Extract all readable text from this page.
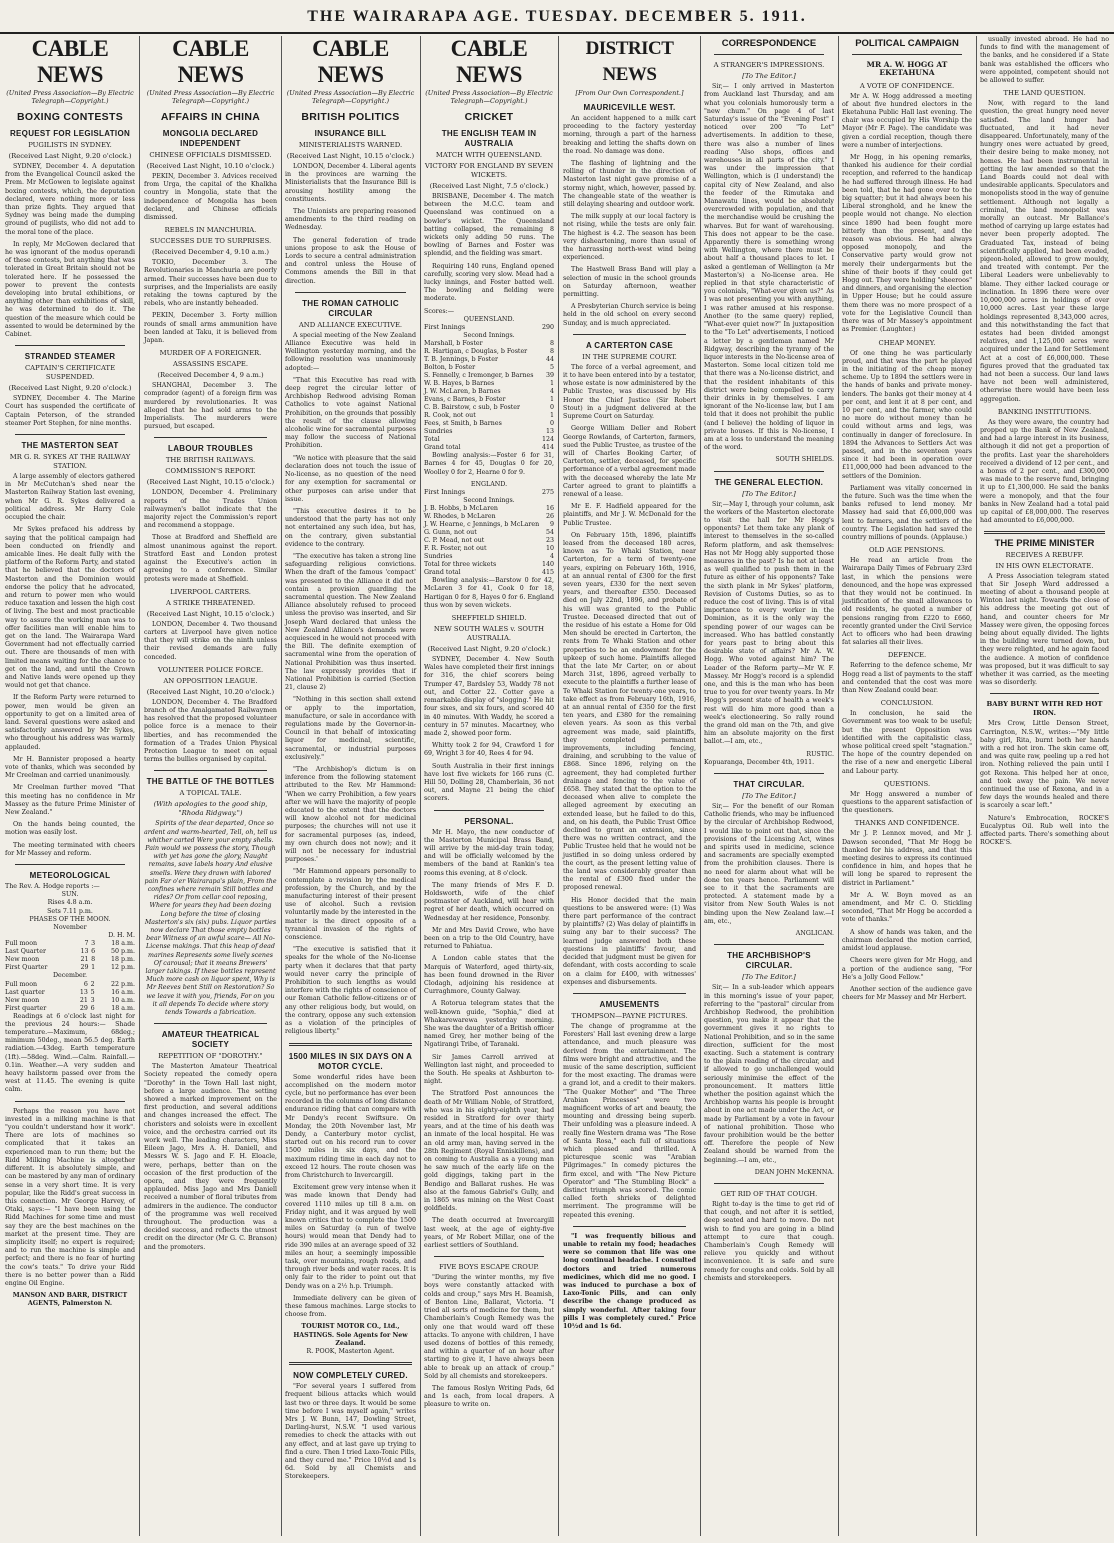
THE WAIRARAPA AGE. TUESDAY. DECEMBER 5. 1911.
CABLE NEWS
(United Press Association—By Electric Telegraph—Copyright.)
BOXING CONTESTS
REQUEST FOR LEGISLATION
PUGILISTS IN SYDNEY.
(Received Last Night, 9.20 o'clock.)

SYDNEY, December 4. A deputation from the Evangelical Council asked the Prem. Mr McGowen to legislate against boxing contests, which, the deputation declared, were nothing more or less than prize fights. They argued that Sydney was being made the dumping ground of pugilists, who did not add to the moral tone of the place.

In reply, Mr McGowen declared that he was ignorant of the modus operandi of these contests, but anything that was tolerated in Great Britain should not be tolerated here. If he possessed the power to prevent the contests developing into brutal exhibitions, or anything other than exhibitions of skill, he was determined to do it. The question of the measure which could be assented to would be determined by the Cabinet.

STRANDED STEAMER
CAPTAIN'S CERTIFICATE SUSPENDED.
(Received Last Night, 9.20 o'clock.)

SYDNEY, December 4. The Marine Court has suspended the certificate of Captain Peterson, of the stranded steamer Port Stephen, for nine months.

THE MASTERTON SEAT
MR G. R. SYKES AT THE RAILWAY STATION.

A large assembly of electors gathered in Mr McCutchan's shed near the Masterton Railway Station last evening, when Mr G. R. Sykes delivered a political address. Mr Harry Cole occupied the chair.

Mr Sykes prefaced his address by saying that the political campaign had been conducted on friendly and amicable lines. He dealt fully with the platform of the Reform Party, and stated that he believed that the doctors of Masterton and the Dominion would endorse the policy that he advocated, and return to power men who would reduce taxation and lessen the high cost of living. The best and most practicable way to assure the working man was to offer facilities man will enable him to get on the land. The Wairarapa Ward Government had not effectually carried out. There are thousands of men with limited means waiting for the chance to get on the land, and until the Crown and Native lands were opened up they would not get that chance.

If the Reform Party were returned to power, men would be given an opportunity to get on a limited area of land. Several questions were asked and satisfactorily answered by Mr Sykes, who throughout his address was warmly applauded.

Mr H. Bannister proposed a hearty vote of thanks, which was seconded by Mr Creelman and carried unanimously.

Mr Creelman further moved "That this meeting has no confidence in Mr Massey as the future Prime Minister of New Zealand."

On the hands being counted, the motion was easily lost.

The meeting terminated with cheers for Mr Massey and reform.

METEOROLOGICAL
The Rev. A. Hodge reports :—
SUN.
Rises 4.8 a.m.
Sets 7.11 p.m.
PHASES OF THE MOON.
November
D. H. M.
Full moon	7	3	18 a.m.
Last Quarter	13	6	50 p.m.
New moon	21	8	18 p.m.
First Quarter	29	1	12 p.m.
December.
Full moon	6	2	22 p.m.
Last quarter	13	5	16 a.m.
New moon	21	3	10 a.m.
First quarter	29	6	18 a.m.

Readings at 6 o'clock last night for the previous 24 hours:— Shade temperature.—Maximum, 68deg.; minimum 50deg., mean 56.5 deg. Earth radiation.—43deg. Earth temperature (1ft).—58deg. Wind.—Calm. Rainfall.—0.1in. Weather.—A very sudden and heavy hailstorm passed over from the west at 11.45. The evening is quite calm.

Perhaps the reason you have not invested in a milking machine is that "you couldn't understand how it work". There are lots of machines so complicated that it takes an experienced man to run them; but the Ridd Milking Machine is altogether different. It is absolutely simple, and can be mastered by any man of ordinary sense in a very short time. It is very popular, like the Ridd's great success in this connection. Mr George Harvey, of Otaki, says:— "I have been using the Ridd Machines for some time and must say they are the best machines on the market at the present time. They are simplicity itself; no expert is required; and to run the machine is simple and perfect; and there is no fear of hurting the cow's teats." To drive your Ridd there is no better power than a Ridd engine Oil Engine.

MANSON AND BARR, DISTRICT AGENTS, Palmerston N.
CABLE NEWS
(United Press Association—By Electric Telegraph—Copyright.)
AFFAIRS IN CHINA
MONGOLIA DECLARED INDEPENDENT
CHINESE OFFICIALS DISMISSED.
(Received Last Night, 10.10 o'clock.)

PEKIN, December 3. Advices received from Urga, the capital of the Khalkha country in Mongolia, state that the independence of Mongolia has been declared, and Chinese officials dismissed.

REBELS IN MANCHURIA.
SUCCESSES DUE TO SURPRISES.
(Received December 4, 9.10 a.m.)

TOKIO, December 3. The Revolutionaries in Manchuria are poorly armed. Their successes have been due to surprises, and the Imperialists are easily retaking the towns captured by the rebels, who are instantly beheaded.

PEKIN, December 3. Forty million rounds of small arms ammunition have been landed at Taku, it is believed from Japan.

MURDER OF A FOREIGNER.
ASSASSINS ESCAPE.
(Received December 4, 9 a.m.)

SHANGHAI, December 3. The comprador (agent) of a foreign firm was murdered by revolutionaries. It was alleged that he had sold arms to the Imperialists. The murderers were pursued, but escaped.

LABOUR TROUBLES
THE BRITISH RAILWAYS.
COMMISSION'S REPORT.
(Received Last Night, 10.15 o'clock.)

LONDON, December 4. Preliminary reports of the Trades Union railwaymen's ballot indicate that the majority reject the Commission's report and recommend a stoppage.

Those at Bradford and Sheffield are almost unanimous against the report. Stratford East and London protest against the Executive's action in agreeing to a conference. Similar protests were made at Sheffield.

LIVERPOOL CARTERS.
A STRIKE THREATENED.
(Received Last Night, 10.15 o'clock.)

LONDON, December 4. Two thousand carters at Liverpool have given notice that they will strike on the ninth unless their revised demands are fully conceded.

VOLUNTEER POLICE FORCE.
AN OPPOSITION LEAGUE.
(Received Last Night, 10.20 o'clock.)

LONDON, December 4. The Bradford branch of the Amalgamated Railwaymen has resolved that the proposed volunteer police force is a menace to their liberties, and has recommended the formation of a Trades Union Physical Protection League to meet on equal terms the bullies organised by capital.

THE BATTLE OF THE BOTTLES
A TOPICAL TALE.
(With apologies to the good ship, "Rhoda Ridgway.")

Spirits of the dear departed, Once so ardent and warm-hearted, Tell, oh, tell us whither carted Were your empty shells. Pain would we possess the story, Though with yet has gone the glory, Naught remains, save labels hoary And elusive smells. Were they drawn with labored pain Far o'er Wairarapa's plain, From the confines where remain Still bottles and rides? Or from cellar cool reposing, Where for years they had been dozing Long before the time of closing Masterton's six (six) pubs. Liquor parties now declare That those empty bottles bear Witness of an awful scare— All No-License makings. That this heap of dead marines Represents some lively scenes Of carousal; that it means Brewers' larger takings. If these bottles represent Much more cash on liquor spent, Why is Mr Reeves bent Still on Restoration? So we leave it with you, friends, For on you it all depends To decide where story tends Towards a fabrication.

AMATEUR THEATRICAL SOCIETY
REPETITION OF "DOROTHY."

The Masterton Amateur Theatrical Society repeated the comedy opera "Dorothy" in the Town Hall last night, before a large audience. The setting showed a marked improvement on the first production, and several additions and changes increased the effect. The choristers and soloists were in excellent voice, and the orchestra carried out its work well. The leading characters, Miss Eileen Jago, Mrs A. H. Daniell, and Messrs W. S. Jago and F. H. Eloacle, were, perhaps, better than on the occasion of the first production of the opera, and they were frequently applauded. Miss Jago and Mrs Daniell received a number of floral tributes from admirers in the audience. The conductor of the programme was well received throughout. The production was a decided success, and reflects the utmost credit on the director (Mr G. C. Branson) and the promoters.

CABLE NEWS
(United Press Association—By Electric Telegraph—Copyright.)
BRITISH POLITICS
INSURANCE BILL
MINISTERIALISTS WARNED.
(Received Last Night, 10.15 o'clock.)

LONDON, December 4. Liberal agents in the provinces are warning the Ministerialists that the Insurance Bill is arousing hostility among the constituents.

The Unionists are preparing reasoned amendments to the third reading on Wednesday.

The general federation of trade unions propose to ask the House of Lords to secure a central administration and control unless the House of Commons amends the Bill in that direction.

THE ROMAN CATHOLIC CIRCULAR
AND ALLIANCE EXECUTIVE.

A special meeting of the New Zealand Alliance Executive was held in Wellington yesterday morning, and the following resolution was unanimously adopted:—

"That this Executive has read with deep regret the circular letter of Archbishop Redwood advising Roman Catholics to vote against National Prohibition, on the grounds that possibly the result of the clause allowing alcoholic wine for sacramental purposes may follow the success of National Prohibition.

"We notice with pleasure that the said declaration does not touch the issue of No-license, as no question of the need for any exemption for sacramental or other purposes can arise under that issue.

"This executive desires it to be understood that the party has not only not entertained any such idea, but has, on the contrary, given substantial evidence to the contrary.

"The executive has taken a strong line safeguarding religious convictions. When the draft of the famous 'compact' was presented to the Alliance it did not contain a provision guarding the sacramental question. The New Zealand Alliance absolutely refused to proceed unless the proviso was inserted, and Sir Joseph Ward declared that unless the New Zealand Alliance's demands were acquiesced in he would not proceed with the Bill. The definite exemption of sacramental wine from the operation of National Prohibition was thus inserted. The law expressly provides that if National Prohibition is carried (Section 21, clause 2)

"Nothing in this section shall extend or apply to the importation, manufacture, or sale in accordance with regulations made by the Governor-in-Council in that behalf of intoxicating liquor for medicinal, scientific, sacramental, or industrial purposes exclusively."

"The Archbishop's dictum is on inference from the following statement attributed to the Rev. Mr Hammond: 'When we carry Prohibition, a few years after we will have the majority of people educated to the extent that the doctors will know alcohol not for medicinal purposes; the churches will not use it for sacramental purposes (as, indeed, my own church does not now); and it will not be necessary for industrial purposes.'

"Mr Hammond appears personally to contemplate a revision by the medical profession, by the Church, and by the manufacturing interest of their present use of alcohol. Such a revision voluntarily made by the interested in the matter is the direct opposite of a tyrannical invasion of the rights of conscience.

"The executive is satisfied that it speaks for the whole of the No-license party when it declares that that party would never carry the principle of Prohibition to such lengths as would interfere with the rights of conscience of our Roman Catholic fellow-citizens or of any other religious body, but would, on the contrary, oppose any such extension as a violation of the principles of religious liberty."

1500 MILES IN SIX DAYS ON A MOTOR CYCLE.

Some wonderful rides have been accomplished on the modern motor cycle, but no performance has ever been recorded in the columns of long distance endurance riding that can compare with Mr Dendy's recent Swiftsure. On Monday, the 20th November last, Mr Dendy, a Canterbury motor cyclist, started out on his record run to cover 1500 miles in six days, and the maximum riding time in each day not to exceed 12 hours. The route chosen was from Christchurch to Invercargill.

Excitement grew very intense when it was made known that Dendy had covered 1110 miles up till 8 a.m. on Friday night, and it was argued by well known critics that to complete the 1500 miles on Saturday (a run of twelve hours) would mean that Dendy had to ride 390 miles at an average speed of 32 miles an hour, a seemingly impossible task, over mountains, rough roads, and through river beds and water races. It is only fair to the rider to point out that Dendy was on a 2½ h.p. Triumph.

Immediate delivery can be given of these famous machines. Large stocks to choose from.

TOURIST MOTOR CO., Ltd., HASTINGS. Sole Agents for New Zealand.
R. POOK, Masterton Agent.
NOW COMPLETELY CURED.

"For several years I suffered from frequent bilious attacks which would last two or three days. It would be some time before I was myself again," writes Mrs J. W. Bunn, 147, Dowling Street, Darling-hurst, N.S.W. "I used various remedies to check the attacks with out any effect, and at last gave up trying to find a cure. Then I tried Laxo-Tonic Pills, and they cured me." Price 10½d and 1s 6d. Sold by all Chemists and Storekeepers.

CABLE NEWS
(United Press Association—By Electric Telegraph—Copyright.)
CRICKET
THE ENGLISH TEAM IN AUSTRALIA
MATCH WITH QUEENSLAND.
VICTORY FOR ENGLAND BY SEVEN WICKETS.
(Received Last Night, 7.5 o'clock.)

BRISBANE, December 4. The match between the M.C.C. team and Queensland was continued on a bowler's wicket. The Queensland batting collapsed, the remaining 8 wickets only adding 50 runs. The bowling of Barnes and Foster was splendid, and the fielding was smart.

Requiring 140 runs, England opened carefully, scoring very slow. Mead had a lucky innings, and Foster batted well. The bowling and fielding were moderate.

Scores:—
QUEENSLAND.
First Innings	290
Second Innings.
Marshall, b Foster	8
R. Hartigan, c Douglas, b Foster	8
T. B. Jennings, b Foster	44
Bolton, b Foster	5
S. Fennelly, c Iremonger, b Barnes	39
W. B. Hayes, b Barnes	1
J. W. McLaren, b Barnes	4
Evans, c Barnes, b Foster	1
C. B. Bairstow, c sub, b Foster	0
R. Cook, not out	1
Fees, st Smith, b Barnes	0
Sundries	13
Total	124
Grand total	414

Bowling analysis:—Foster 6 for 31, Barnes 4 for 45, Douglas 0 for 20, Woolley 0 for 2, Hearne 0 for 9.

ENGLAND.
First Innings	275
Second Innings.
J. B. Hobbs, b McLaren	16
W. Rhodes, b McLaren	26
J. W. Hearne, c Jennings, b McLaren	9
G. Gunn, not out	54
C. P. Mead, not out	23
F. R. Foster, not out	10
Sundries	4
Total for three wickets	140
Grand total	415

Bowling analysis:—Barstow 0 for 42, McLaren 3 for 41, Cook 0 for 18, Hartigan 0 for 8, Hayes 0 for 6. England thus won by seven wickets.

SHEFFIELD SHIELD.
NEW SOUTH WALES v. SOUTH AUSTRALIA.
(Received Last Night, 9.20 o'clock.)

SYDNEY, December 4. New South Wales have completed their first innings for 316, the chief scorers being Trumper 47, Bardsley 53, Waddy 78 not out, and Cotter 22. Cotter gave a remarkable display of "slogging." He hit four sixes, and six fours, and scored 40 in 40 minutes. With Waddy, he scored a century in 57 minutes. Macartney, who made 2, showed poor form.

Whitty took 2 for 94, Crawford 1 for 69, Wright 3 for 40, Rees 4 for 94.

South Australia in their first innings have lost five wickets for 166 runs (C. Hill 50, Dolling 28, Chamberlain, 36 not out, and Mayne 21 being the chief scorers.

PERSONAL.

Mr H. Mayo, the new conductor of the Masterton Municipal Brass Band, will arrive by the mid-day train today, and will be officially welcomed by the members of the band at Rankin's tea rooms this evening, at 8 o'clock.

The many friends of Mrs F. D. Holdsworth, wife of the chief postmaster of Auckland, will hear with regret of her death, which occurred on Wednesday at her residence, Ponsonby.

Mr and Mrs David Crowe, who have been on a trip to the Old Country, have returned to Pahiatua.

A London cable states that the Marquis of Waterford, aged thirty-six, has been found drowned in the River Clodagh, adjoining his residence at Curraghmore, County Galway.

A Rotorua telegram states that the well-known guide, "Sophia," died at Whakarewarewa yesterday morning. She was the daughter of a British officer named Grey, her mother being of the Ngatirangi Tribe, of Taranaki.

Sir James Carroll arrived at Wellington last night, and proceeded to the South. He speaks at Ashburton to-night.

The Stratford Post announces the death of Mr William Noble, of Stratford, who was in his eighty-eighth year, had resided in Stratford for over thirty years, and at the time of his death was an inmate of the local hospital. He was an old army man, having served in the 28th Regiment (Royal Enniskillens), and on coming to Australia as a young man he saw much of the early life on the gold diggings, taking part in the Bendigo and Ballarat rushes. He was also at the famous Gabriel's Gully, and in 1865 was mining on the West Coast goldfields.

The death occurred at Invercargill last week, at the age of eighty-five years, of Mr Robert Millar, one of the earliest settlers of Southland.

FIVE BOYS ESCAPE CROUP.

"During the winter months, my five boys were constantly attacked with colds and croup," says Mrs H. Beamish, of Benton Line, Ballarat, Victoria. "I tried all sorts of medicine for them, but Chamberlain's Cough Remedy was the only one that would ward off these attacks. To anyone with children, I have used dozens of bottles of this remedy, and within a quarter of an hour after starting to give it, I have always been able to break up an attack of croup." Sold by all chemists and storekeepers.

The famous Roslyn Writing Pads, 6d and 1s each, from local drapers. A pleasure to write on.

DISTRICT NEWS
[From Our Own Correspondent.]
MAURICEVILLE WEST.

An accident happened to a milk cart proceeding to the factory yesterday morning, through a part of the harness breaking and letting the shafts down on the road. No damage was done.

The flashing of lightning and the rolling of thunder in the direction of Masterton last night gave promise of a stormy night, which, however, passed by. The changeable state of the weather is still delaying shearing and outdoor work.

The milk supply at our local factory is not rising, while the tests are only fair. The highest is 4.2. The season has been very disheartening, more than usual of the harrassing north-west wind being experienced.

The Hastwell Brass Band will play a selection of music in the school grounds on Saturday afternoon, weather permitting.

A Presbyterian Church service is being held in the old school on every second Sunday, and is much appreciated.

A CARTERTON CASE
IN THE SUPREME COURT.

The force of a verbal agreement, and it to have been entered into by a testator, whose estate is now administered by the Public Trustee, was discussed by His Honor the Chief Justice (Sir Robert Stout) in a judgment delivered at the Supreme Court on Saturday.

George William Deller and Robert George Rowlands, of Carterton, farmers, sued the Public Trustee, as trustee of the will of Charles Booking Carter, of Carterton, settler, deceased, for specific performance of a verbal agreement made with the deceased whereby the late Mr Carter agreed to grant to plaintiffs a renewal of a lease.

Mr E. F. Hadfield appeared for the plaintiffs, and Mr J. W. McDonald for the Public Trustee.

On February 15th, 1896, plaintiffs leased from the deceased 180 acres, known as To Whaki Station, near Carterton, for a term of twenty-one years, expiring on February 16th, 1916, at an annual rental of £300 for the first seven years, £330 for the next seven years, and thereafter £350. Deceased died on July 22nd, 1896, and probate of his will was granted to the Public Trustee. Deceased directed that out of the residue of his estate a Home for Old Men should be erected in Carterton, the rents from Te Whaki Station and other properties to be an endowment for the upkeep of such home. Plaintiffs alleged that the late Mr Carter, on or about March 31st, 1896, agreed verbally to execute to the plaintiffs a further lease of Te Whaki Station for twenty-one years, to take effect as from February 16th, 1916, at an annual rental of £350 for the first ten years, and £380 for the remaining eleven years. As soon as this verbal agreement was made, said plaintiffs, they completed permanent improvements, including fencing, draining, and scrubbing to the value of £868. Since 1896, relying on the agreement, they had completed further drainage and fencing to the value of £658. They stated that the option to the deceased when alive to complete the alleged agreement by executing an extended lease, but he failed to do this, and, on his death, the Public Trust Office declined to grant an extension, since there was no written contract, and the Public Trustee held that he would not be justified in so doing unless ordered by the court, as the present letting value of the land was considerably greater than the rental of £300 fixed under the proposed renewal.

His Honor decided that the main questions to be answered were: (1) Was there part performance of the contract by plaintiffs? (2) Was delay of plaintiffs in suing any bar to their success? The learned judge answered both these questions in plaintiffs' favour, and decided that judgment must be given for defendant, with costs according to scale on a claim for £400, with witnesses' expenses and disbursements.

AMUSEMENTS
THOMPSON—PAYNE PICTURES.

The change of programme at the Foresters' Hall last evening drew a large attendance, and much pleasure was derived from the entertainment. The films were bright and attractive, and the music of the same description, sufficient for the most exacting. The dramas were a grand lot, and a credit to their makers. "The Quaker Mother" and "The Three Arabian Princesses" were two magnificent works of art and beauty, the mounting and dressing being superb. Their unfolding was a pleasure indeed. A really fine Western drama was "The Rose of Santa Rosa," each full of situations which pleased and thrilled. A picturesque scenic was "Arabian Pilgrimages." In comedy pictures the firm excel, and with "The New Picture Operator" and "The Stumbling Block" a distinct triumph was scored. The comic called forth shrieks of delighted merriment. The programme will be repeated this evening.

"I was frequently bilious and unable to retain my food; headaches were so common that life was one long continual headache. I consulted doctors and tried numerous medicines, which did me no good. I was induced to purchase a box of Laxo-Tonic Pills, and can only describe the change produced as simply wonderful. After taking four pills I was completely cured." Price 10½d and 1s 6d.

CORRESPONDENCE
A STRANGER'S IMPRESSIONS.
[To The Editor.]

Sir,— I only arrived in Masterton from Auckland last Thursday, and am what you colonials humorously term a "new chum." On page 4 of last Saturday's issue of the "Evening Post" I noticed over 200 "To Let" advertisements. In addition to these, there was also a number of lines reading "Also shops, offices and warehouses in all parts of the city." I was under the impression that Wellington, which is (I understand) the capital city of New Zealand, and also the feeder of the Rimutaka and Manawatu lines, would be absolutely overcrowded with population, and that the merchandise would be crushing the wharves. But for want of warehousing. This does not appear to be the case. Apparently there is something wrong with Wellington, where there must be about half a thousand places to let. I asked a gentleman of Wellington (a Mr Masterton's) a No-license area. He replied in that style characteristic of you colonials, "What-ever given us?" As I was not presenting you with anything, I was rather amused at his response. Another (to the same query) replied, "What-ever quiet now?" In juxtaposition to the "To Let" advertisements, I noticed a letter by a gentleman named Mr Ridgway, describing the tyranny of the liquor interests in the No-license area of Masterton. Some local citizen told me that there was a No-license district, and that the resident inhabitants of this district were being compelled to carry their drinks in by themselves. I am ignorant of the No-license law, but I am told that it does not prohibit the public (and I believe) the holding of liquor in private houses. If this is No-license, I am at a loss to understand the meaning of the word.

SOUTH SHIELDS.
THE GENERAL ELECTION.
[To The Editor.]

Sir,—May I, through your column, ask the workers of the Masterton electorate to visit the hall for Mr Hogg's opponents? Let them take any plank of interest to themselves in the so-called Reform platform, and ask themselves: Has not Mr Hogg ably supported those measures in the past? Is he not at least as well qualified to push them in the future as either of his opponents? Take the sixth plank in Mr Sykes' platform, Revision of Customs Duties, so as to reduce the cost of living. This is of vital importance to every worker in the Dominion, as it is the only way the spending power of our wages can be increased. Who has battled constantly for years past to bring about this desirable state of affairs? Mr A. W. Hogg. Who voted against him? The Leader of the Reform party—Mr W. F. Massey. Mr Hogg's record is a splendid one, and this is the man who has been true to you for over twenty years. In Mr Hogg's present state of health a week's rest will do him more good than a week's electioneering. So rally round the grand old man on the 7th, and give him an absolute majority on the first ballot.—I am, etc.,

RUSTIC.
Kopuaranga, December 4th, 1911.
THAT CIRCULAR.
[To The Editor.]

Sir,— For the benefit of our Roman Catholic friends, who may be influenced by the circular of Archbishop Redwood, I would like to point out that, since the provisions of the Licensing Act, wines and spirits used in medicine, science and sacraments are specially exempted from the prohibition clauses. There is no need for alarm about what will be done ten years hence. Parliament will see to it that the sacraments are protected. A statement made by a visitor from New South Wales is not binding upon the New Zealand law.—I am, etc.,

ANGLICAN.
THE ARCHBISHOP'S CIRCULAR.
[To The Editor.]

Sir,— In a sub-leader which appears in this morning's issue of your paper, referring to the "pastoral" circular from Archbishop Redwood, the prohibition question, you make it appear that the government gives it no rights to National Prohibition, and so in the same direction, sufficient for the most exacting. Such a statement is contrary to the plain reading of the circular, and if allowed to go unchallenged would seriously minimise the effect of the pronouncement. It matters little whether the position against which the Archbishop warns his people is brought about in one act made under the Act, or made by Parliament by a vote in favour of national prohibition. Those who favour prohibition would be the better off. Therefore the people of New Zealand should be warned from the beginning.—I am, etc.,

DEAN JOHN McKENNA.
GET RID OF THAT COUGH.

Right to-day is the time to get rid of that cough, and not after it is settled, deep seated and hard to move. Do not wish to find you are going in a blind attempt to cure that cough. Chamberlain's Cough Remedy will relieve you quickly and without inconvenience. It is safe and sure remedy for coughs and colds. Sold by all chemists and storekeepers.

POLITICAL CAMPAIGN
MR A. W. HOGG AT EKETAHUNA
A VOTE OF CONFIDENCE.

Mr A. W. Hogg addressed a meeting of about five hundred electors in the Eketahuna Public Hall last evening. The chair was occupied by His Worship the Mayor (Mr F. Page). The candidate was given a cordial reception, though there were a number of interjections.

Mr Hogg, in his opening remarks, thanked his audience for their cordial reception, and referred to the handicap he had suffered through illness. He had been told, that he had gone over to the big squatter; but it had always been his Liberal stronghold, and he knew the people would not change. No election since 1890 had been fought more bitterly than the present, and the reason was obvious. He had always opposed monopoly, and the Conservative party would grow not merely their undergarments but the shine of their boots if they could get Hogg out. They were holding "sheeroos" and dinners, and organising the election in Upper House; but he could assure them there was no more prospect of a vote for the Legislative Council than there was of Mr Massey's appointment as Premier. (Laughter.)

CHEAP MONEY.

Of one thing he was particularly proud, and that was the part he played in the initiating of the cheap money scheme. Up to 1894 the settlers were in the hands of banks and private money-lenders. The banks got their money at 4 per cent, and lent it at 8 per cent, and 10 per cent, and the farmer, who could no more do without money than he could without arms and legs, was continually in danger of foreclosure. In 1894 the Advances to Settlers Act was passed, and in the seventeen years since it had been in operation over £11,000,000 had been advanced to the settlers of the Dominion.

Parliament was vitally concerned in the future. Such was the time when the banks refused to lend money. Mr Massey had said that £6,000,000 was lent to farmers, and the settlers of the country. The Legislation had saved the country millions of pounds. (Applause.)

OLD AGE PENSIONS.

He read an article from the Wairarapa Daily Times of February 23rd last, in which the pensions were denounced, and the hope was expressed that they would not be continued. In justification of the small allowances to old residents, he quoted a number of pensions ranging from £220 to £660, recently granted under the Civil Service Act to officers who had been drawing fat salaries all their lives.

DEFENCE.

Referring to the defence scheme, Mr Hogg read a list of payments to the staff and contended that the cost was more than New Zealand could bear.

CONCLUSION.

In conclusion, he said the Government was too weak to be useful; but the present Opposition was identified with the capitalistic class, whose political creed spelt "stagnation." The hope of the country depended on the rise of a new and energetic Liberal and Labour party.

QUESTIONS.

Mr Hogg answered a number of questions to the apparent satisfaction of the questioners.

THANKS AND CONFIDENCE.

Mr J. P. Lennox moved, and Mr J. Dawson seconded, "That Mr Hogg be thanked for his address, and that this meeting desires to express its continued confidence in him, and hopes that he will long be spared to represent the district in Parliament."

Mr A. W. Boyn moved as an amendment, and Mr C. O. Stickling seconded, "That Mr Hogg be accorded a vote of thanks."

A show of hands was taken, and the chairman declared the motion carried, amidst loud applause.

Cheers were given for Mr Hogg, and a portion of the audience sang, "For He's a Jolly Good Fellow."

Another section of the audience gave cheers for Mr Massey and Mr Herbert.

usually invested abroad. He had no funds to find with the management of the banks, and he considered if a State bank was established the officers who were appointed, competent should not be allowed to suffer.

THE LAND QUESTION.

Now, with regard to the land question, the great hungry need never satisfied. The land hunger had fluctuated, and it had never disappeared. Unfortunately, many of the hungry ones were actuated by greed, their desire being to make money, not homes. He had been instrumental in getting the law amended so that the Land Boards could not deal with undesirable applicants. Speculators and monopolists stood in the way of genuine settlement. Although not legally a criminal, the land monopolist was morally an outcast. Mr Ballance's method of carrying up large estates had never been properly adopted. The Graduated Tax, instead of being scientifically applied, had been evaded, pigeon-holed, allowed to grow mouldy, and treated with contempt. Per the Liberal Leaders were unbelievably to blame. They either lacked courage or inclination. In 1896 there were over 10,000,000 acres in holdings of over 10,000 acres. Last year these large holdings represented 8,343,000 acres, and this notwithstanding the fact that estates had been divided amongst relatives, and 1,125,000 acres were acquired under the Land for Settlement Act at a cost of £6,000,000. These figures proved that the graduated tax had not been a success. Our land laws have not been well administered, otherwise there would have been less aggregation.

BANKING INSTITUTIONS.

As they were aware, the country had propped up the Bank of New Zealand, and had a large interest in its business, although it did not get a proportion of the profits. Last year the shareholders received a dividend of 12 per cent., and a bonus of 2 per cent., and £300,000 was made to the reserve fund, bringing it up to £1,300,000. He said the banks were a monopoly, and that the four banks in New Zealand had a total paid up capital of £8,000,000. The reserves had amounted to £6,000,000.

THE PRIME MINISTER
RECEIVES A REBUFF.
IN HIS OWN ELECTORATE.

A Press Association telegram stated that Sir Joseph Ward addressed a meeting of about a thousand people at Winton last night. Towards the close of his address the meeting got out of hand, and counter cheers for Mr Massey were given, the opposing forces being about equally divided. The lights in the building were turned down, but they were relighted, and he again faced the audience. A motion of confidence was proposed, but it was difficult to say whether it was carried, as the meeting was so disorderly.

BABY BURNT WITH RED HOT IRON.

Mrs Crow, Little Denson Street, Carrington, N.S.W., writes:—"My little baby girl, Rita, burnt both her hands with a red hot iron. The skin came off, and was quite raw, peeling up a red hot iron. Nothing relieved the pain until I got Rexona. This helped her at once, and took away the pain. We never continued the use of Rexona, and in a few days the wounds healed and there is scarcely a scar left."

Nature's Embrocation, ROCKE'S Eucalyptus Oil. Rub well into the affected parts. There's something about ROCKE'S.
